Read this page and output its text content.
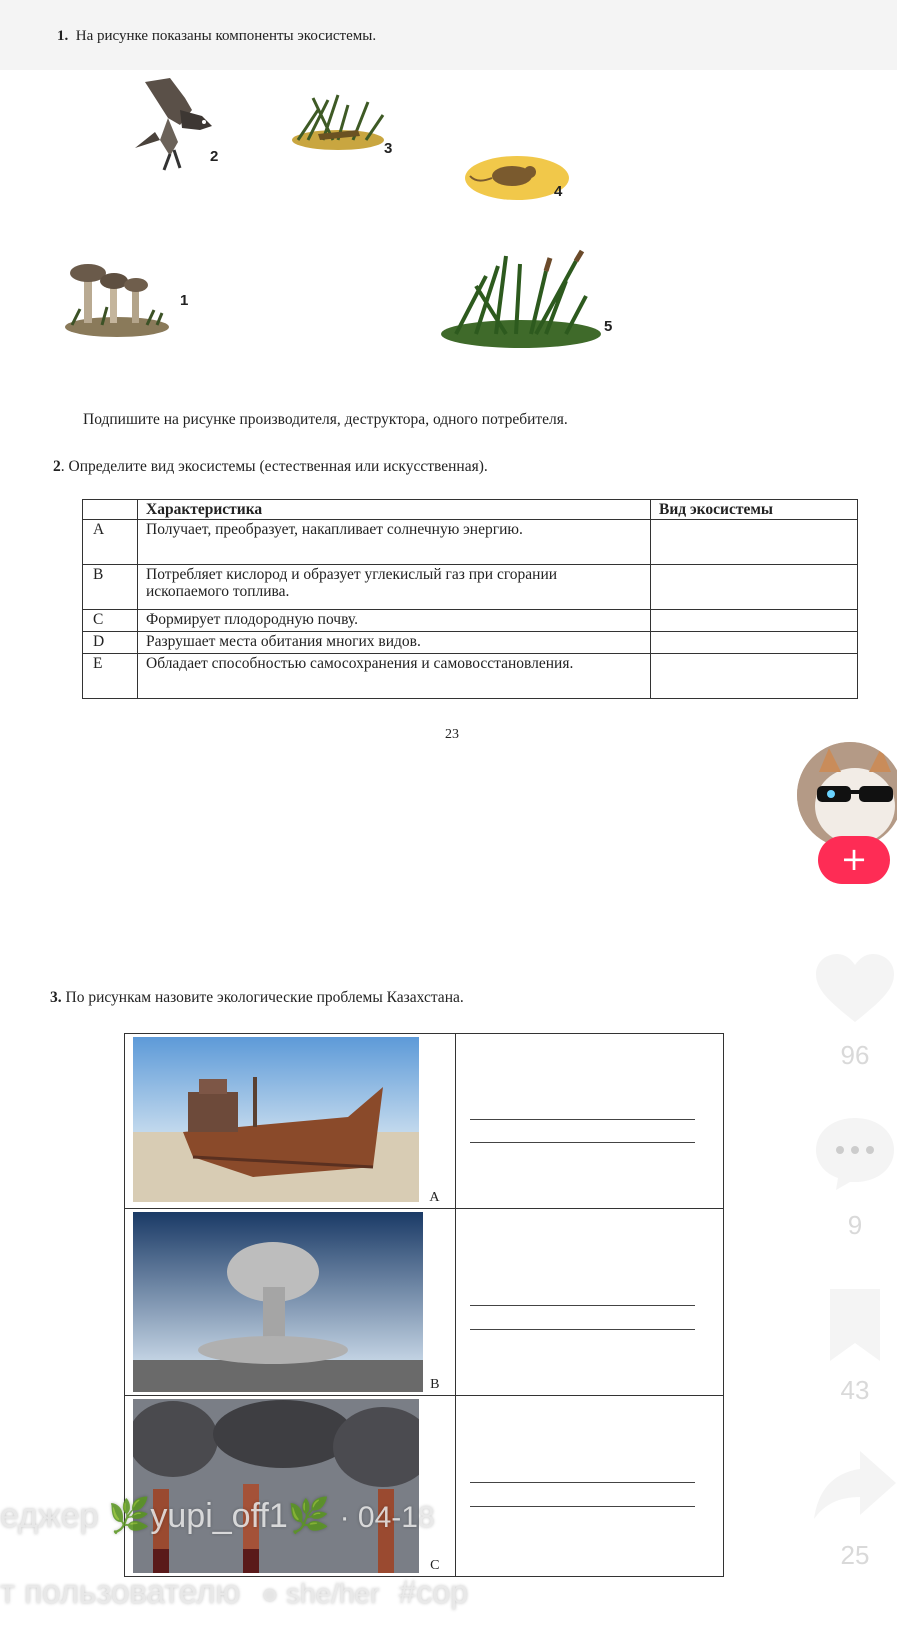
1. На рисунке показаны компоненты экосистемы.
2	3
4
1
5
Подпишите на рисунке производителя, деструктора, одного потребителя.
2. Определите вид экосистемы (естественная или искусственная).
	Характеристика	Вид экосистемы
A	Получает, преобразует, накапливает солнечную энергию.	
B	Потребляет кислород и образует углекислый газ при сгорании ископаемого топлива.	
C	Формирует плодородную почву.	
D	Разрушает места обитания многих видов.	
E	Обладает способностью самосохранения и самовосстановления.	
23
3. По рисункам назовите экологические проблемы Казахстана.
A	

B	

C	

+
96
9
43
25
еджер 🌿yupi_off1🌿 · 04-18
т пользователю ● she/her #cop
